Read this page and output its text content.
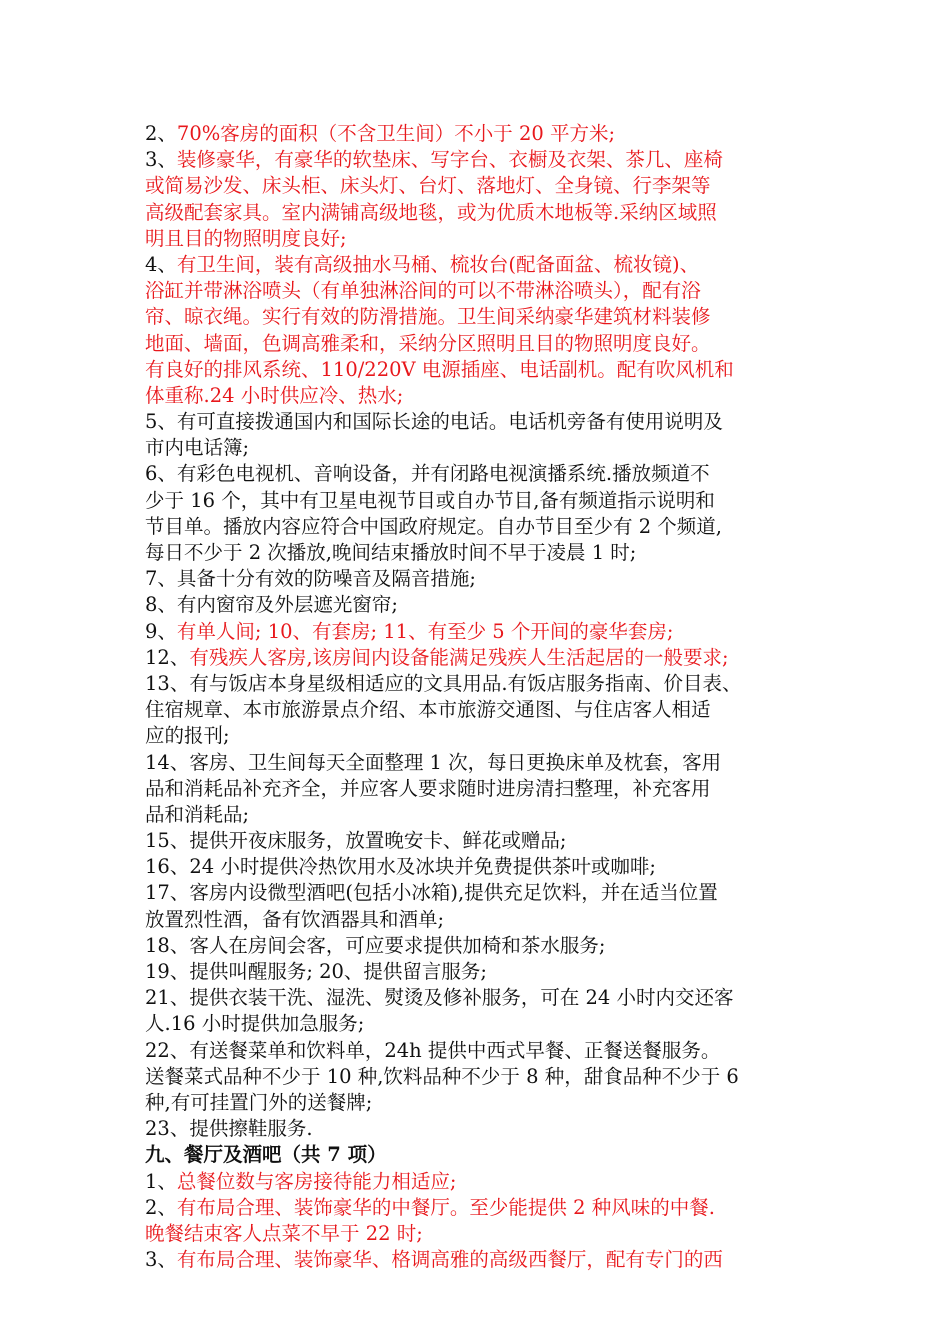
2、70%客房的面积（不含卫生间）不小于 20 平方米;
3、装修豪华，有豪华的软垫床、写字台、衣橱及衣架、茶几、座椅
或简易沙发、床头柜、床头灯、台灯、落地灯、全身镜、行李架等
高级配套家具。室内满铺高级地毯，或为优质木地板等.采纳区域照
明且目的物照明度良好;
4、有卫生间，装有高级抽水马桶、梳妆台(配备面盆、梳妆镜)、
浴缸并带淋浴喷头（有单独淋浴间的可以不带淋浴喷头），配有浴
帘、晾衣绳。实行有效的防滑措施。卫生间采纳豪华建筑材料装修
地面、墙面，色调高雅柔和，采纳分区照明且目的物照明度良好。
有良好的排风系统、110/220V 电源插座、电话副机。配有吹风机和
体重称.24 小时供应冷、热水;
5、有可直接拨通国内和国际长途的电话。电话机旁备有使用说明及
市内电话簿;
6、有彩色电视机、音响设备，并有闭路电视演播系统.播放频道不
少于 16 个，其中有卫星电视节目或自办节目,备有频道指示说明和
节目单。播放内容应符合中国政府规定。自办节目至少有 2 个频道,
每日不少于 2 次播放,晚间结束播放时间不早于凌晨 1 时;
7、具备十分有效的防噪音及隔音措施;
8、有内窗帘及外层遮光窗帘;
9、有单人间; 10、有套房; 11、有至少 5 个开间的豪华套房;
12、有残疾人客房,该房间内设备能满足残疾人生活起居的一般要求;
13、有与饭店本身星级相适应的文具用品.有饭店服务指南、价目表、
住宿规章、本市旅游景点介绍、本市旅游交通图、与住店客人相适
应的报刊;
14、客房、卫生间每天全面整理 1 次，每日更换床单及枕套，客用
品和消耗品补充齐全，并应客人要求随时进房清扫整理，补充客用
品和消耗品;
15、提供开夜床服务，放置晚安卡、鲜花或赠品;
16、24 小时提供冷热饮用水及冰块并免费提供茶叶或咖啡;
17、客房内设微型酒吧(包括小冰箱),提供充足饮料，并在适当位置
放置烈性酒，备有饮酒器具和酒单;
18、客人在房间会客，可应要求提供加椅和茶水服务;
19、提供叫醒服务; 20、提供留言服务;
21、提供衣装干洗、湿洗、熨烫及修补服务，可在 24 小时内交还客
人.16 小时提供加急服务;
22、有送餐菜单和饮料单，24h 提供中西式早餐、正餐送餐服务。
送餐菜式品种不少于 10 种,饮料品种不少于 8 种，甜食品种不少于 6
种,有可挂置门外的送餐牌;
23、提供擦鞋服务.
九、餐厅及酒吧（共 7 项）
1、总餐位数与客房接待能力相适应;
2、有布局合理、装饰豪华的中餐厅。至少能提供 2 种风味的中餐.
晚餐结束客人点菜不早于 22 时;
3、有布局合理、装饰豪华、格调高雅的高级西餐厅，配有专门的西
